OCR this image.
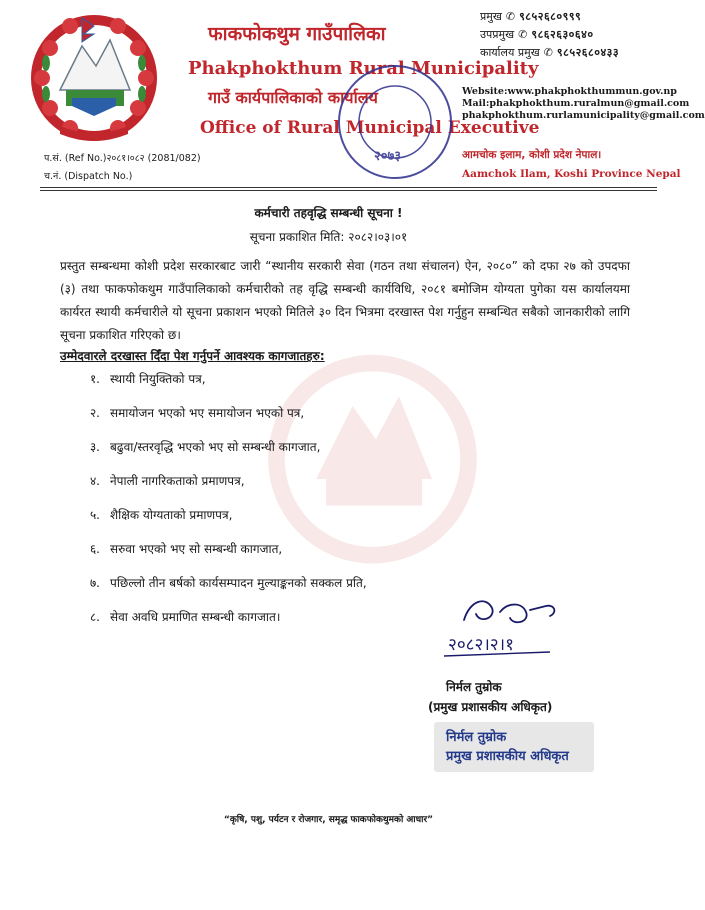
फाकफोकथुम गाउँपालिका
Phakphokthum Rural Municipality
गाउँ कार्यपालिकाको कार्यालय
Office of Rural Municipal Executive
२०७३
प्रमुख ✆ ९८५२६८०९९९
उपप्रमुख ✆ ९८६२६३०६४०
कार्यालय प्रमुख ✆ ९८५२६८०४३३
Website:www.phakphokthummun.gov.np
Mail:phakphokthum.ruralmun@gmail.com
phakphokthum.rurlamunicipality@gmail.com
आमचोक इलाम, कोशी प्रदेश नेपाल।
Aamchok Ilam, Koshi Province Nepal
प.सं. (Ref No.)२०८१।०८२ (2081/082)
च.नं. (Dispatch No.)
कर्मचारी तहवृद्धि सम्बन्धी सूचना !
सूचना प्रकाशित मिति: २०८२।०३।०१
प्रस्तुत सम्बन्धमा कोशी प्रदेश सरकारबाट जारी “स्थानीय सरकारी सेवा (गठन तथा संचालन) ऐन, २०८०” को दफा २७ को उपदफा (३) तथा फाकफोकथुम गाउँपालिकाको कर्मचारीको तह वृद्धि सम्बन्धी कार्यविधि, २०८१ बमोजिम योग्यता पुगेका यस कार्यालयमा कार्यरत स्थायी कर्मचारीले यो सूचना प्रकाशन भएको मितिले ३० दिन भित्रमा दरखास्त पेश गर्नुहुन सम्बन्धित सबैको जानकारीको लागि सूचना प्रकाशित गरिएको छ।
उम्मेदवारले दरखास्त दिँदा पेश गर्नुपर्ने आवश्यक कागजातहरु:
१. स्थायी नियुक्तिको पत्र,
२. समायोजन भएको भए समायोजन भएको पत्र,
३. बढुवा/स्तरवृद्धि भएको भए सो सम्बन्धी कागजात,
४. नेपाली नागरिकताको प्रमाणपत्र,
५. शैक्षिक योग्यताको प्रमाणपत्र,
६. सरुवा भएको भए सो सम्बन्धी कागजात,
७. पछिल्लो तीन बर्षको कार्यसम्पादन मुल्याङ्कनको सक्कल प्रति,
८. सेवा अवधि प्रमाणित सम्बन्धी कागजात।
२०८२।२।१
निर्मल तुम्रोक
(प्रमुख प्रशासकीय अधिकृत)
निर्मल तुम्रोक
प्रमुख प्रशासकीय अधिकृत
“कृषि, पशु, पर्यटन र रोजगार, समृद्ध फाकफोकथुमको आधार”
